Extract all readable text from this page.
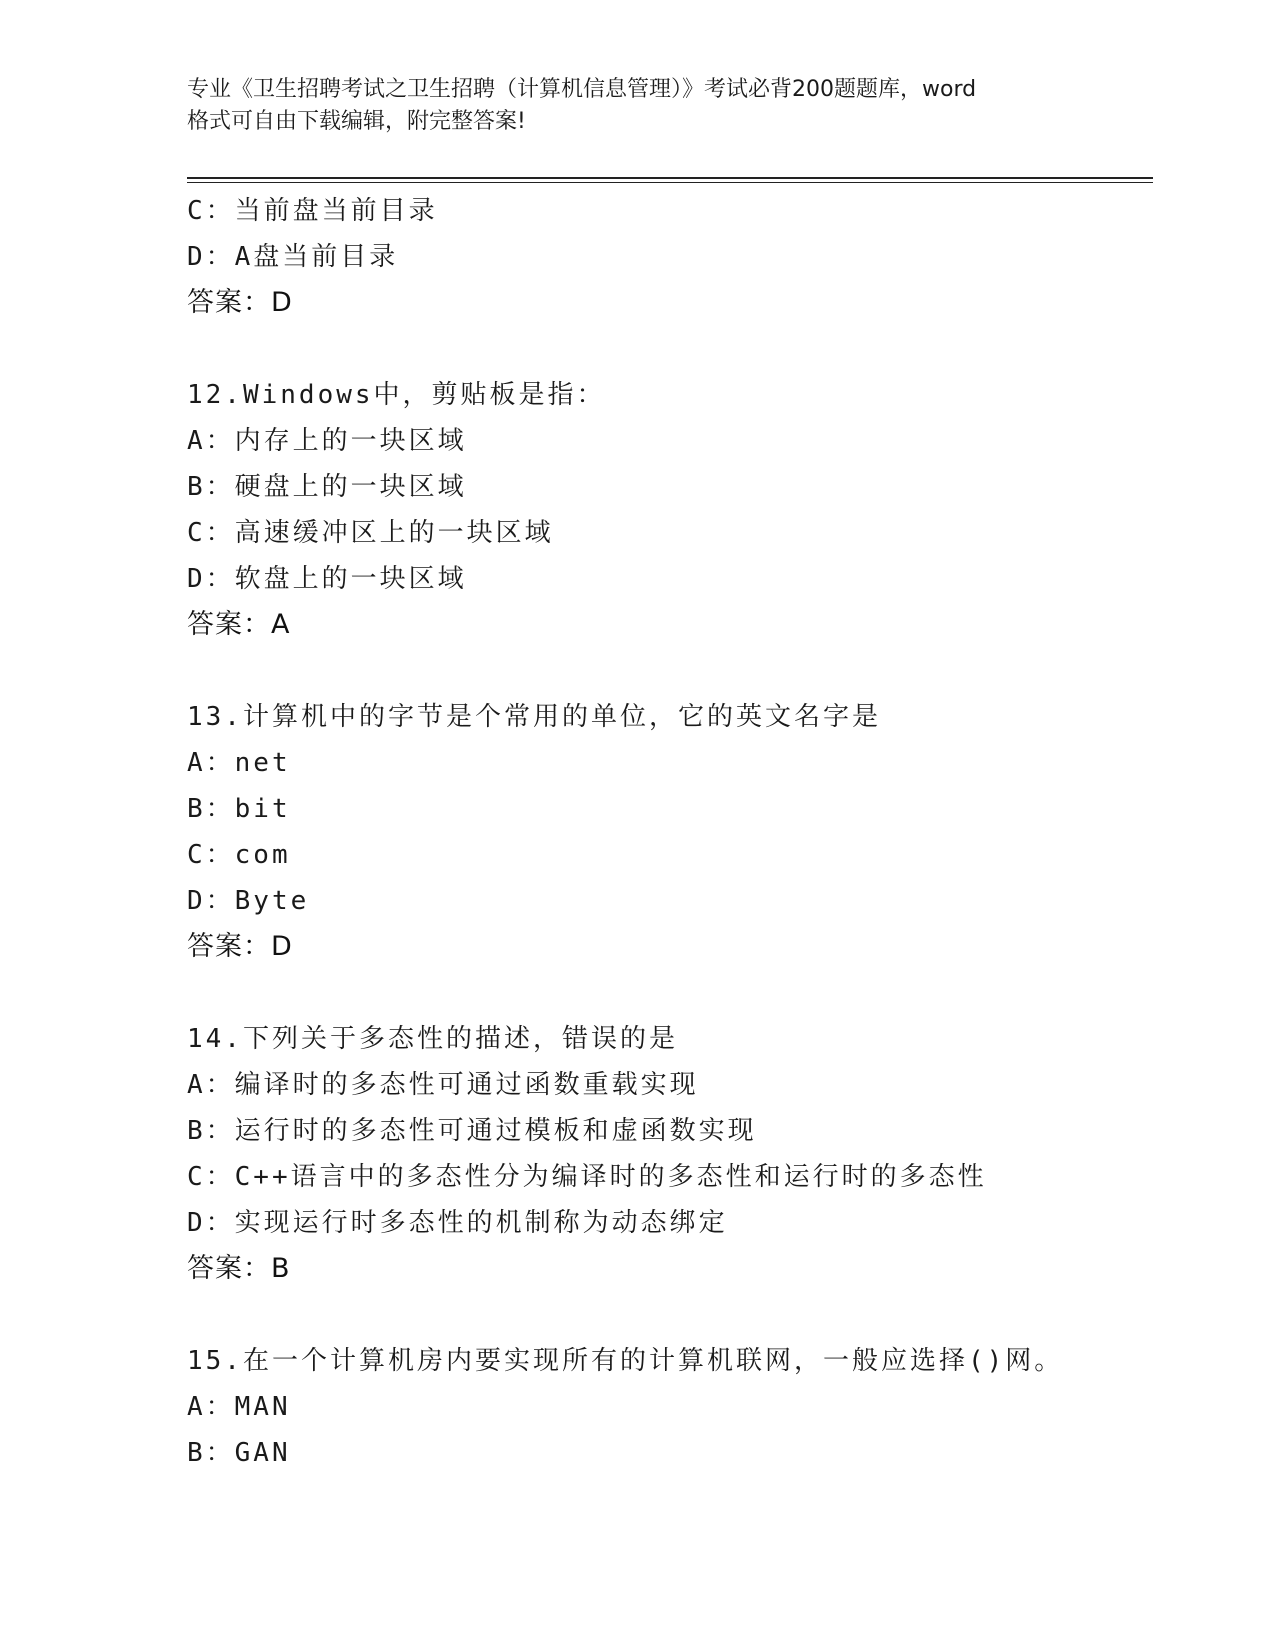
专业《卫生招聘考试之卫生招聘（计算机信息管理）》考试必背200题题库，word
格式可自由下载编辑，附完整答案!
C：当前盘当前目录
D：A盘当前目录
答案：D
12.Windows中，剪贴板是指：
A：内存上的一块区域
B：硬盘上的一块区域
C：高速缓冲区上的一块区域
D：软盘上的一块区域
答案：A
13.计算机中的字节是个常用的单位，它的英文名字是
A：net
B：bit
C：com
D：Byte
答案：D
14.下列关于多态性的描述，错误的是
A：编译时的多态性可通过函数重载实现
B：运行时的多态性可通过模板和虚函数实现
C：C++语言中的多态性分为编译时的多态性和运行时的多态性
D：实现运行时多态性的机制称为动态绑定
答案：B
15.在一个计算机房内要实现所有的计算机联网，一般应选择()网。
A：MAN
B：GAN
